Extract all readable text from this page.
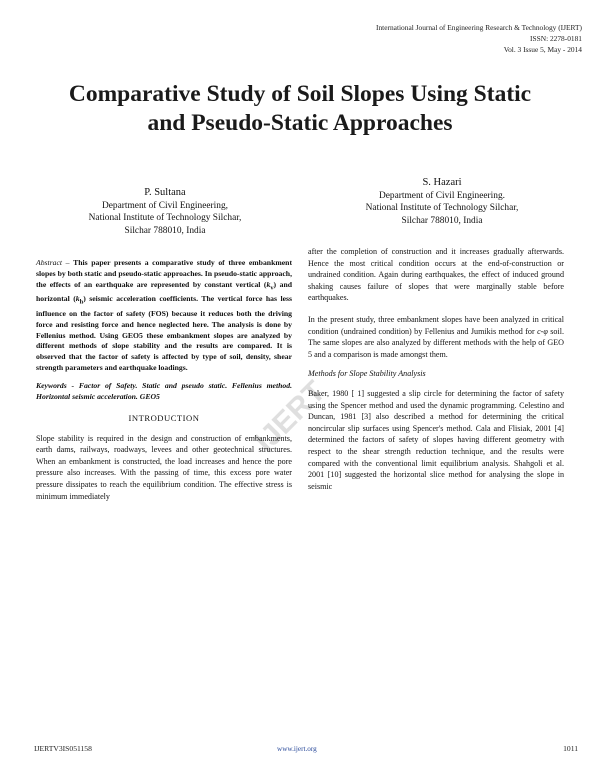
International Journal of Engineering Research & Technology (IJERT)
ISSN: 2278-0181
Vol. 3 Issue 5, May - 2014
Comparative Study of Soil Slopes Using Static
and Pseudo-Static Approaches
P. Sultana
Department of Civil Engineering,
National Institute of Technology Silchar,
Silchar 788010, India
S. Hazari
Department of Civil Engineering.
National Institute of Technology Silchar,
Silchar 788010, India

Abstract – This paper presents a comparative study of three embankment slopes by both static and pseudo-static approaches. In pseudo-static approach, the effects of an earthquake are represented by constant vertical $(k_v)$ and horizontal $(k_h)$ seismic acceleration coefficients. The vertical force has less influence on the factor of safety (FOS) because it reduces both the driving force and resisting force and hence neglected here. The analysis is done by Fellenius method. Using GEO5 these embankment slopes are analyzed by different methods of slope stability and the results are compared. It is observed that the factor of safety is affected by type of soil, density, shear strength parameters and earthquake loadings.

Keywords - Factor of Safety. Static and pseudo static. Fellenius method. Horizontal seismic acceleration. GEO5

INTRODUCTION

Slope stability is required in the design and construction of embankments, earth dams, railways, roadways, levees and other geotechnical structures. When an embankment is constructed, the load increases and hence the pore pressure also increases. With the passing of time, this excess pore water pressure dissipates to reach the equilibrium condition. The effective stress is minimum immediately

after the completion of construction and it increases gradually afterwards. Hence the most critical condition occurs at the end-of-construction or undrained condition. Again during earthquakes, the effect of induced ground shaking causes failure of slopes that were marginally stable before earthquakes.

In the present study, three embankment slopes have been analyzed in critical condition (undrained condition) by Fellenius and Jumikis method for c-φ soil. The same slopes are also analyzed by different methods with the help of GEO 5 and a comparison is made amongst them.

Methods for Slope Stability Analysis

Baker, 1980 [ 1] suggested a slip circle for determining the factor of safety using the Spencer method and used the dynamic programming. Celestino and Duncan, 1981 [3] also described a method for determining the critical noncircular slip surfaces using Spencer's method. Cala and Flisiak, 2001 [4] determined the factors of safety of slopes having different geometry with respect to the shear strength reduction technique, and the results were compared with the conventional limit equilibrium analysis. Shahgoli et al. 2001 [10] suggested the horizontal slice method for analysing the slope in seismic

IJERT
IJERTV3IS051158	www.ijert.org	1011
